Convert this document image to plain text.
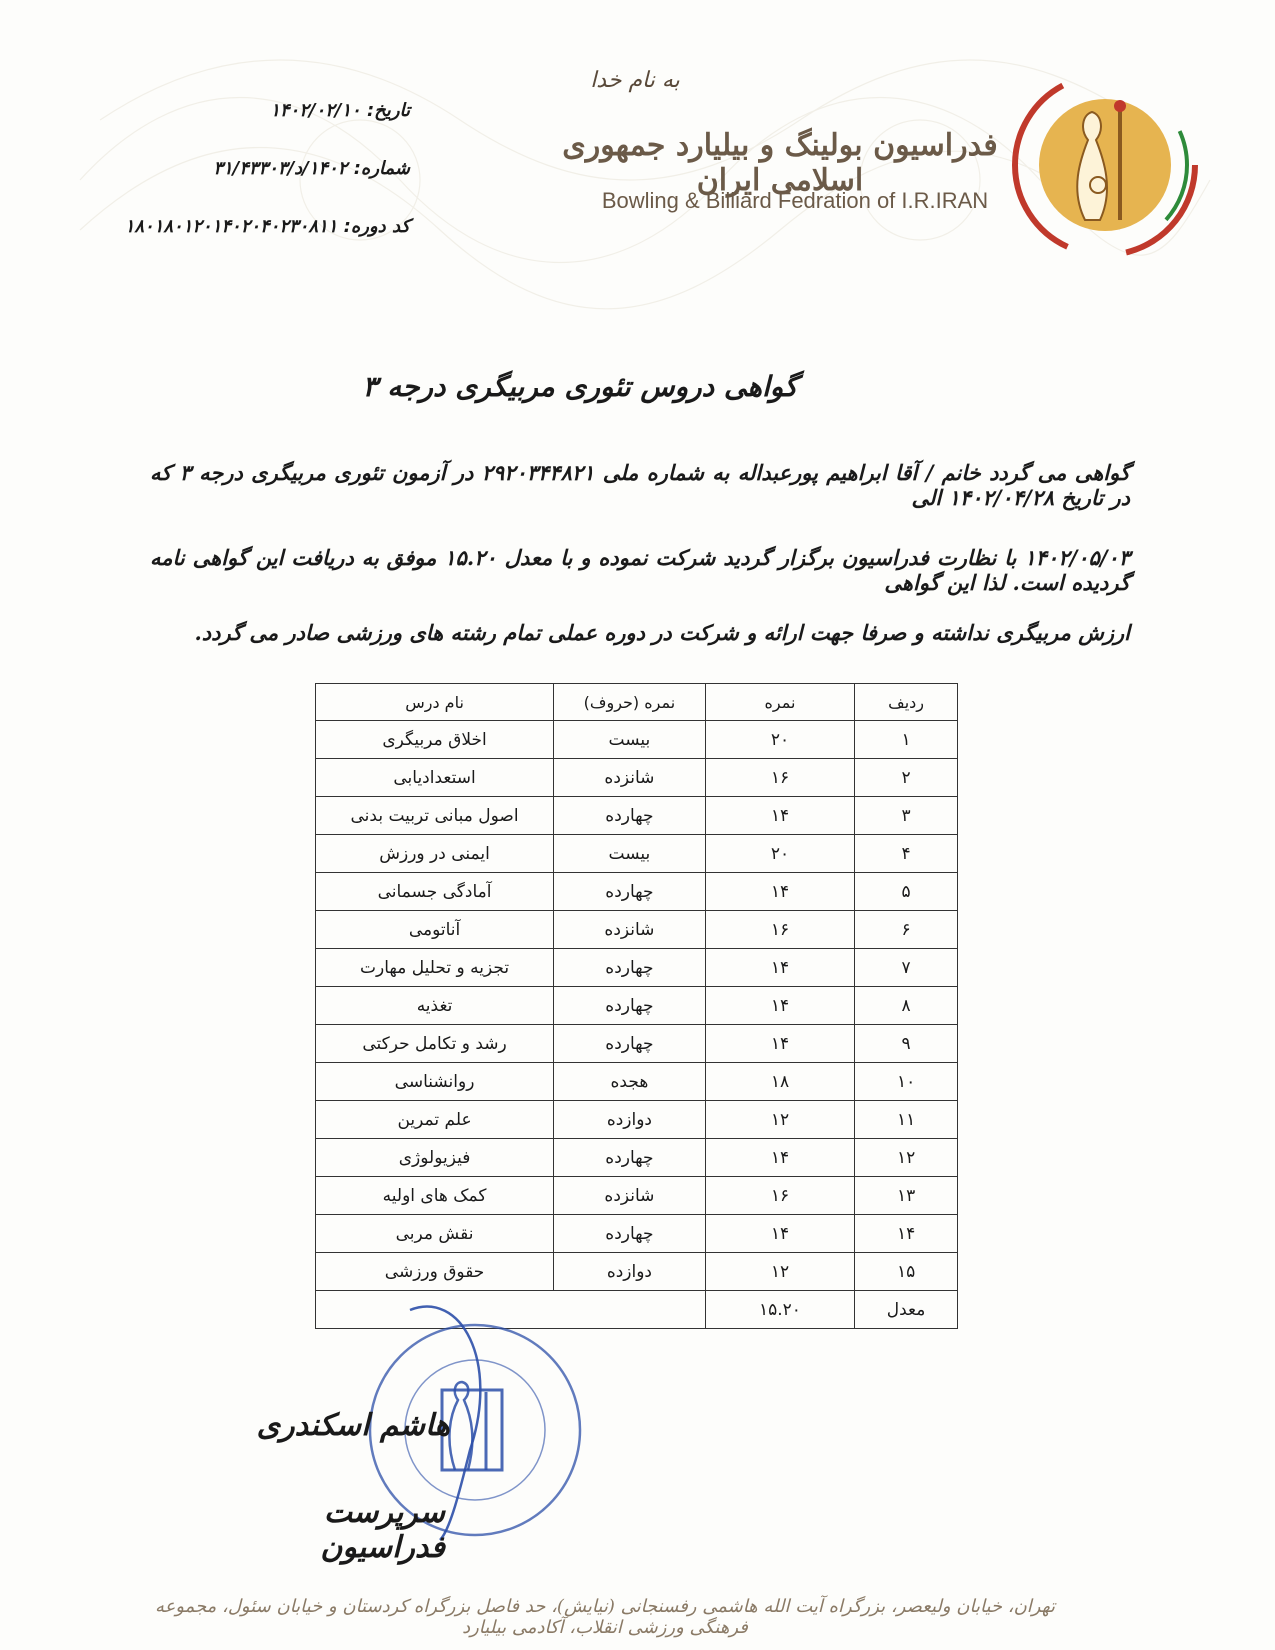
به نام خدا
فدراسیون بولینگ و بیلیارد جمهوری اسلامی ایران
Bowling & Billiard Fedration of I.R.IRAN
تاریخ: ۱۴۰۲/۰۲/۱۰
شماره: ۱۴۰۲/د/۳۱/۴۳۳۰۳
کد دوره: ۱۸۰۱۸۰۱۲۰۱۴۰۲۰۴۰۲۳۰۸۱۱
گواهی دروس تئوری مربیگری درجه ۳
گواهی می گردد خانم / آقا ابراهیم پورعبداله به شماره ملی ۲۹۲۰۳۴۴۸۲۱ در آزمون تئوری مربیگری درجه ۳ که در تاریخ ۱۴۰۲/۰۴/۲۸ الی
۱۴۰۲/۰۵/۰۳ با نظارت فدراسیون برگزار گردید شرکت نموده و با معدل ۱۵.۲۰ موفق به دریافت این گواهی نامه گردیده است. لذا این گواهی
ارزش مربیگری نداشته و صرفا جهت ارائه و شرکت در دوره عملی تمام رشته های ورزشی صادر می گردد.
ردیف	نمره	نمره (حروف)	نام درس
۱	۲۰	بیست	اخلاق مربیگری
۲	۱۶	شانزده	استعدادیابی
۳	۱۴	چهارده	اصول مبانی تربیت بدنی
۴	۲۰	بیست	ایمنی در ورزش
۵	۱۴	چهارده	آمادگی جسمانی
۶	۱۶	شانزده	آناتومی
۷	۱۴	چهارده	تجزیه و تحلیل مهارت
۸	۱۴	چهارده	تغذیه
۹	۱۴	چهارده	رشد و تکامل حرکتی
۱۰	۱۸	هجده	روانشناسی
۱۱	۱۲	دوازده	علم تمرین
۱۲	۱۴	چهارده	فیزیولوژی
۱۳	۱۶	شانزده	کمک های اولیه
۱۴	۱۴	چهارده	نقش مربی
۱۵	۱۲	دوازده	حقوق ورزشی
معدل	۱۵.۲۰		
هاشم اسکندری
سرپرست فدراسیون
تهران، خیابان ولیعصر، بزرگراه آیت الله هاشمی رفسنجانی (نیایش)، حد فاصل بزرگراه کردستان و خیابان سئول، مجموعه فرهنگی ورزشی انقلاب، آکادمی بیلیارد
